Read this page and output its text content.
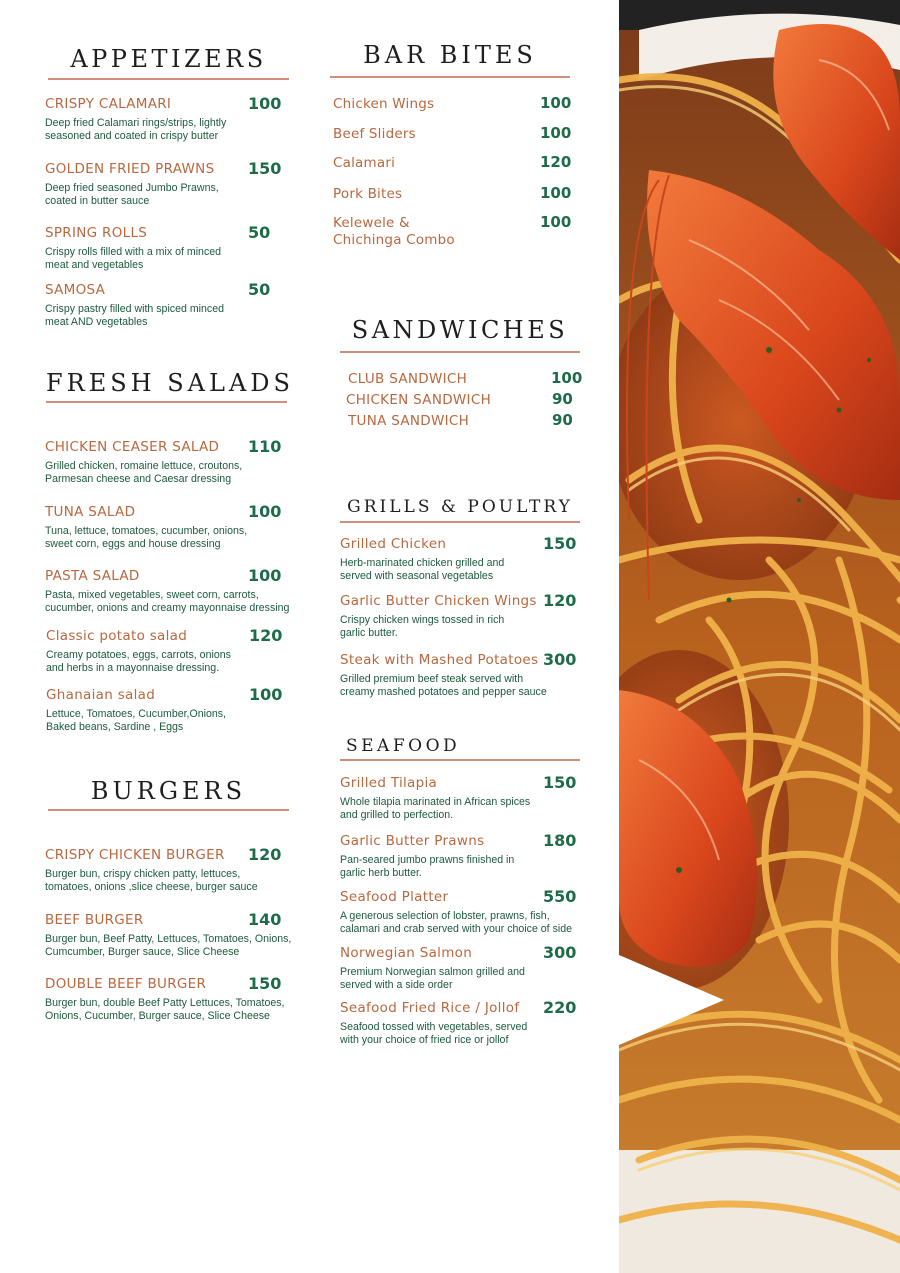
APPETIZERS
CRISPY CALAMARI	100
Deep fried Calamari rings/strips, lightly
seasoned and coated in crispy butter
GOLDEN FRIED PRAWNS 150
Deep fried seasoned Jumbo Prawns,
coated in butter sauce
SPRING ROLLS	50
Crispy rolls filled with a mix of minced
meat and vegetables
SAMOSA	50
Crispy pastry filled with spiced minced
meat AND vegetables
FRESH SALADS
CHICKEN CEASER SALAD 110
Grilled chicken, romaine lettuce, croutons,
Parmesan cheese and Caesar dressing
TUNA SALAD	100
Tuna, lettuce, tomatoes, cucumber, onions,
sweet corn, eggs and house dressing
PASTA SALAD	100
Pasta, mixed vegetables, sweet corn, carrots,
cucumber, onions and creamy mayonnaise dressing
Classic potato salad	120
Creamy potatoes, eggs, carrots, onions
and herbs in a mayonnaise dressing.
Ghanaian salad	100
Lettuce, Tomatoes, Cucumber,Onions,
Baked beans, Sardine , Eggs
BURGERS
CRISPY CHICKEN BURGER 120
Burger bun, crispy chicken patty, lettuces,
tomatoes, onions ,slice cheese, burger sauce
BEEF BURGER	140
Burger bun, Beef Patty, Lettuces, Tomatoes, Onions,
Cumcumber, Burger sauce, Slice Cheese
DOUBLE BEEF BURGER	150
Burger bun, double Beef Patty Lettuces, Tomatoes,
Onions, Cucumber, Burger sauce, Slice Cheese
BAR BITES
Chicken Wings	100
Beef Sliders	100
Calamari	120
Pork Bites	100
Kelewele &
Chichinga Combo
100
SANDWICHES
CLUB SANDWICH	100
CHICKEN SANDWICH	90
TUNA SANDWICH	90
GRILLS & POULTRY
Grilled Chicken	150
Herb-marinated chicken grilled and
served with seasonal vegetables
Garlic Butter Chicken Wings 120
Crispy chicken wings tossed in rich
garlic butter.
Steak with Mashed Potatoes 300
Grilled premium beef steak served with
creamy mashed potatoes and pepper sauce
SEAFOOD
Grilled Tilapia	150
Whole tilapia marinated in African spices
and grilled to perfection.
Garlic Butter Prawns	180
Pan-seared jumbo prawns finished in
garlic herb butter.
Seafood Platter	550
A generous selection of lobster, prawns, fish,
calamari and crab served with your choice of side
Norwegian Salmon	300
Premium Norwegian salmon grilled and
served with a side order
Seafood Fried Rice / Jollof 220
Seafood tossed with vegetables, served
with your choice of fried rice or jollof
